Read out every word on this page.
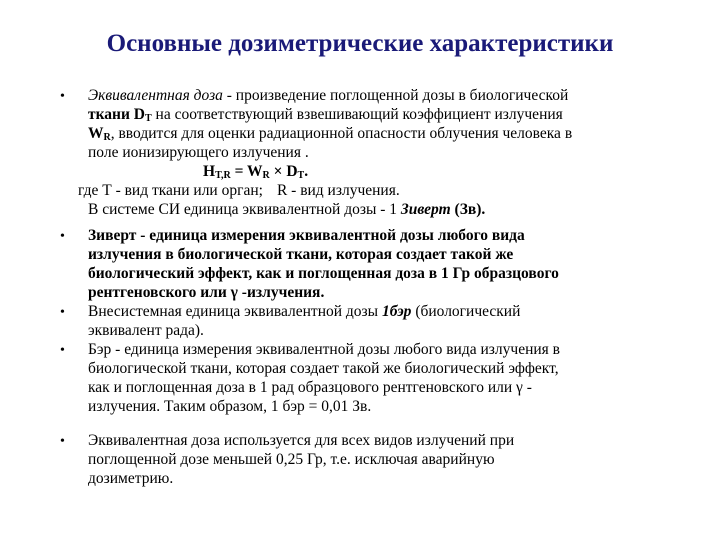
Основные дозиметрические характеристики
• Эквивалентная доза - произведение поглощенной дозы в биологической
ткани $D_T$ на соответствующий взвешивающий коэффициент излучения
$W_R$, вводится для оценки радиационной опасности облучения человека в
поле ионизирующего излучения .
$H_{T,R} = W_R \times D_T$.
где Т - вид ткани или орган; R - вид излучения.
В системе СИ единица эквивалентной дозы - 1 Зиверт (Зв).
• Зиверт - единица измерения эквивалентной дозы любого вида
излучения в биологической ткани, которая создает такой же
биологический эффект, как и поглощенная доза в 1 Гр образцового
рентгеновского или γ -излучения.
• Внесистемная единица эквивалентной дозы 1бэр (биологический
эквивалент рада).
• Бэр - единица измерения эквивалентной дозы любого вида излучения в
биологической ткани, которая создает такой же биологический эффект,
как и поглощенная доза в 1 рад образцового рентгеновского или γ -
излучения. Таким образом, 1 бэр = 0,01 Зв.
• Эквивалентная доза используется для всех видов излучений при
поглощенной дозе меньшей 0,25 Гр, т.е. исключая аварийную
дозиметрию.
